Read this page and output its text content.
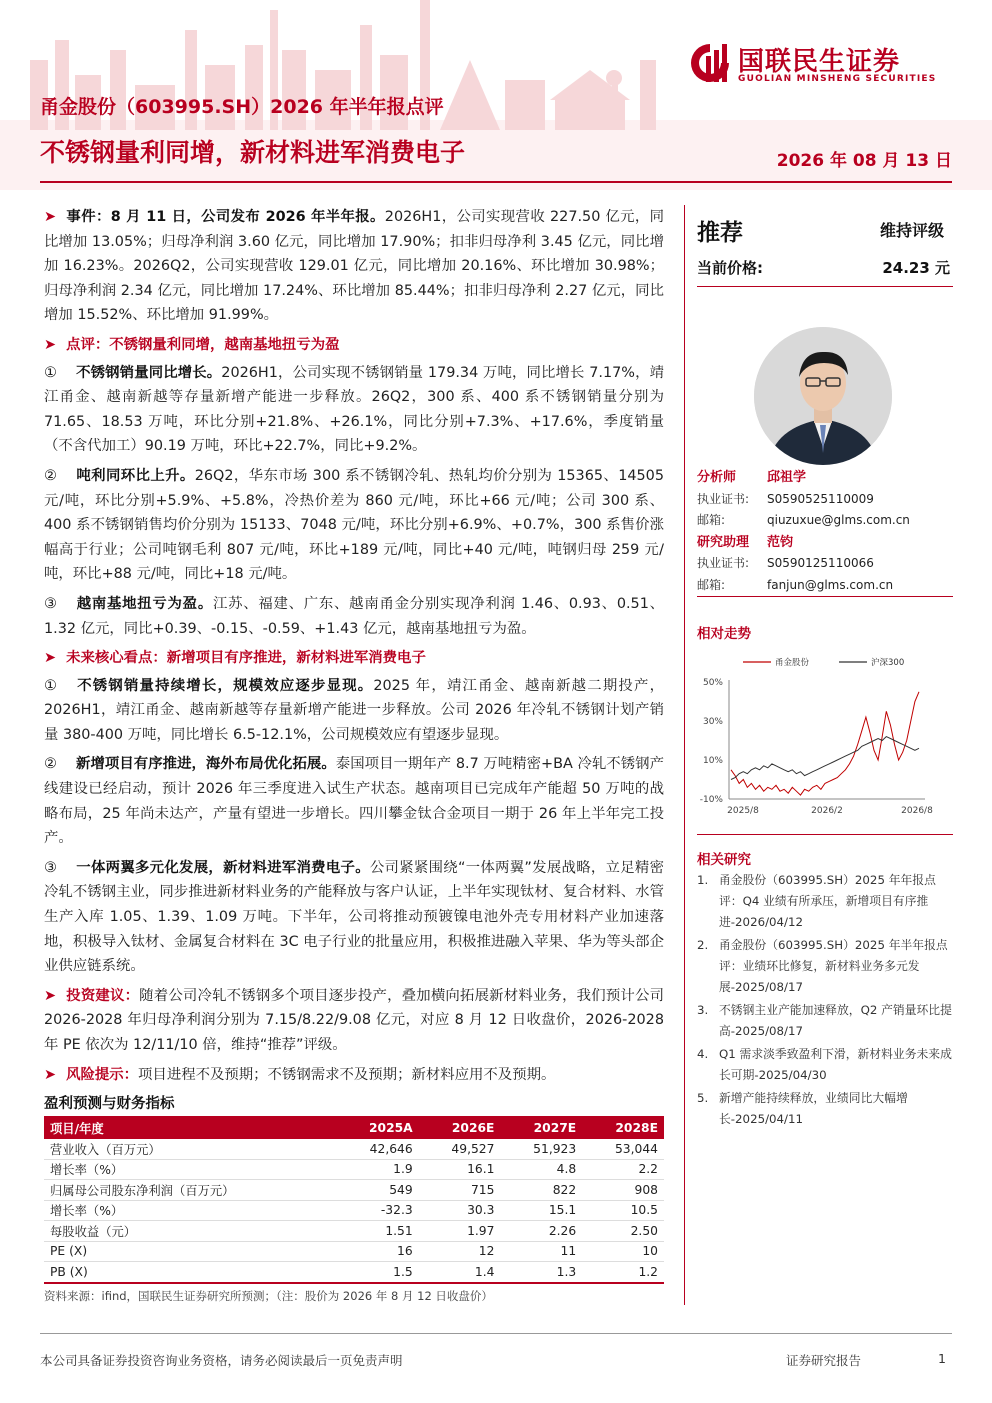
甬金股份（603995.SH）2026 年半年报点评
不锈钢量利同增，新材料进军消费电子	2026 年 08 月 13 日
国联民生证券
GUOLIAN MINSHENG SECURITIES

➤ 事件：8 月 11 日，公司发布 2026 年半年报。2026H1，公司实现营收 227.50 亿元，同比增加 13.05%；归母净利润 3.60 亿元，同比增加 17.90%；扣非归母净利 3.45 亿元，同比增加 16.23%。2026Q2，公司实现营收 129.01 亿元，同比增加 20.16%、环比增加 30.98%；归母净利润 2.34 亿元，同比增加 17.24%、环比增加 85.44%；扣非归母净利 2.27 亿元，同比增加 15.52%、环比增加 91.99%。

➤ 点评：不锈钢量利同增，越南基地扭亏为盈

① 不锈钢销量同比增长。2026H1，公司实现不锈钢销量 179.34 万吨，同比增长 7.17%，靖江甬金、越南新越等存量新增产能进一步释放。26Q2，300 系、400 系不锈钢销量分别为 71.65、18.53 万吨，环比分别+21.8%、+26.1%，同比分别+7.3%、+17.6%，季度销量（不含代加工）90.19 万吨，环比+22.7%，同比+9.2%。

② 吨利同环比上升。26Q2，华东市场 300 系不锈钢冷轧、热轧均价分别为 15365、14505 元/吨，环比分别+5.9%、+5.8%，冷热价差为 860 元/吨，环比+66 元/吨；公司 300 系、400 系不锈钢销售均价分别为 15133、7048 元/吨，环比分别+6.9%、+0.7%，300 系售价涨幅高于行业；公司吨钢毛利 807 元/吨，环比+189 元/吨，同比+40 元/吨，吨钢归母 259 元/吨，环比+88 元/吨，同比+18 元/吨。

③ 越南基地扭亏为盈。江苏、福建、广东、越南甬金分别实现净利润 1.46、0.93、0.51、1.32 亿元，同比+0.39、-0.15、-0.59、+1.43 亿元，越南基地扭亏为盈。

➤ 未来核心看点：新增项目有序推进，新材料进军消费电子

① 不锈钢销量持续增长，规模效应逐步显现。2025 年，靖江甬金、越南新越二期投产，2026H1，靖江甬金、越南新越等存量新增产能进一步释放。公司 2026 年冷轧不锈钢计划产销量 380-400 万吨，同比增长 6.5-12.1%，公司规模效应有望逐步显现。

② 新增项目有序推进，海外布局优化拓展。泰国项目一期年产 8.7 万吨精密+BA 冷轧不锈钢产线建设已经启动，预计 2026 年三季度进入试生产状态。越南项目已完成年产能超 50 万吨的战略布局，25 年尚未达产，产量有望进一步增长。四川攀金钛合金项目一期于 26 年上半年完工投产。

③ 一体两翼多元化发展，新材料进军消费电子。公司紧紧围绕“一体两翼”发展战略，立足精密冷轧不锈钢主业，同步推进新材料业务的产能释放与客户认证，上半年实现钛材、复合材料、水管生产入库 1.05、1.39、1.09 万吨。下半年，公司将推动预镀镍电池外壳专用材料产业加速落地，积极导入钛材、金属复合材料在 3C 电子行业的批量应用，积极推进融入苹果、华为等头部企业供应链系统。

➤ 投资建议：随着公司冷轧不锈钢多个项目逐步投产，叠加横向拓展新材料业务，我们预计公司 2026-2028 年归母净利润分别为 7.15/8.22/9.08 亿元，对应 8 月 12 日收盘价，2026-2028 年 PE 依次为 12/11/10 倍，维持“推荐”评级。

➤ 风险提示：项目进程不及预期；不锈钢需求不及预期；新材料应用不及预期。

盈利预测与财务指标
项目/年度	2025A	2026E	2027E	2028E
营业收入（百万元）	42,646	49,527	51,923	53,044
增长率（%）	1.9	16.1	4.8	2.2
归属母公司股东净利润（百万元）	549	715	822	908
增长率（%）	-32.3	30.3	15.1	10.5
每股收益（元）	1.51	1.97	2.26	2.50
PE (X)	16	12	11	10
PB (X)	1.5	1.4	1.3	1.2
资料来源：ifind，国联民生证券研究所预测；（注：股价为 2026 年 8 月 12 日收盘价）
推荐	维持评级
当前价格:	24.23 元
分析师 邱祖学
执业证书: S0590525110009
邮箱:	qiuzuxue@glms.com.cn
研究助理 范钧
执业证书: S0590125110066
邮箱:	fanjun@glms.com.cn
相对走势
50%
30%
10%
-10%
2025/8	2026/2	2026/8
甬金股份	沪深300
相关研究
1. 甬金股份（603995.SH）2025 年年报点评：Q4 业绩有所承压，新增项目有序推进-2026/04/12
2. 甬金股份（603995.SH）2025 年半年报点评：业绩环比修复，新材料业务多元发展-2025/08/17
3. 不锈钢主业产能加速释放，Q2 产销量环比提高-2025/08/17
4. Q1 需求淡季致盈利下滑，新材料业务未来成长可期-2025/04/30
5. 新增产能持续释放，业绩同比大幅增长-2025/04/11
本公司具备证券投资咨询业务资格，请务必阅读最后一页免责声明	证券研究报告	1
